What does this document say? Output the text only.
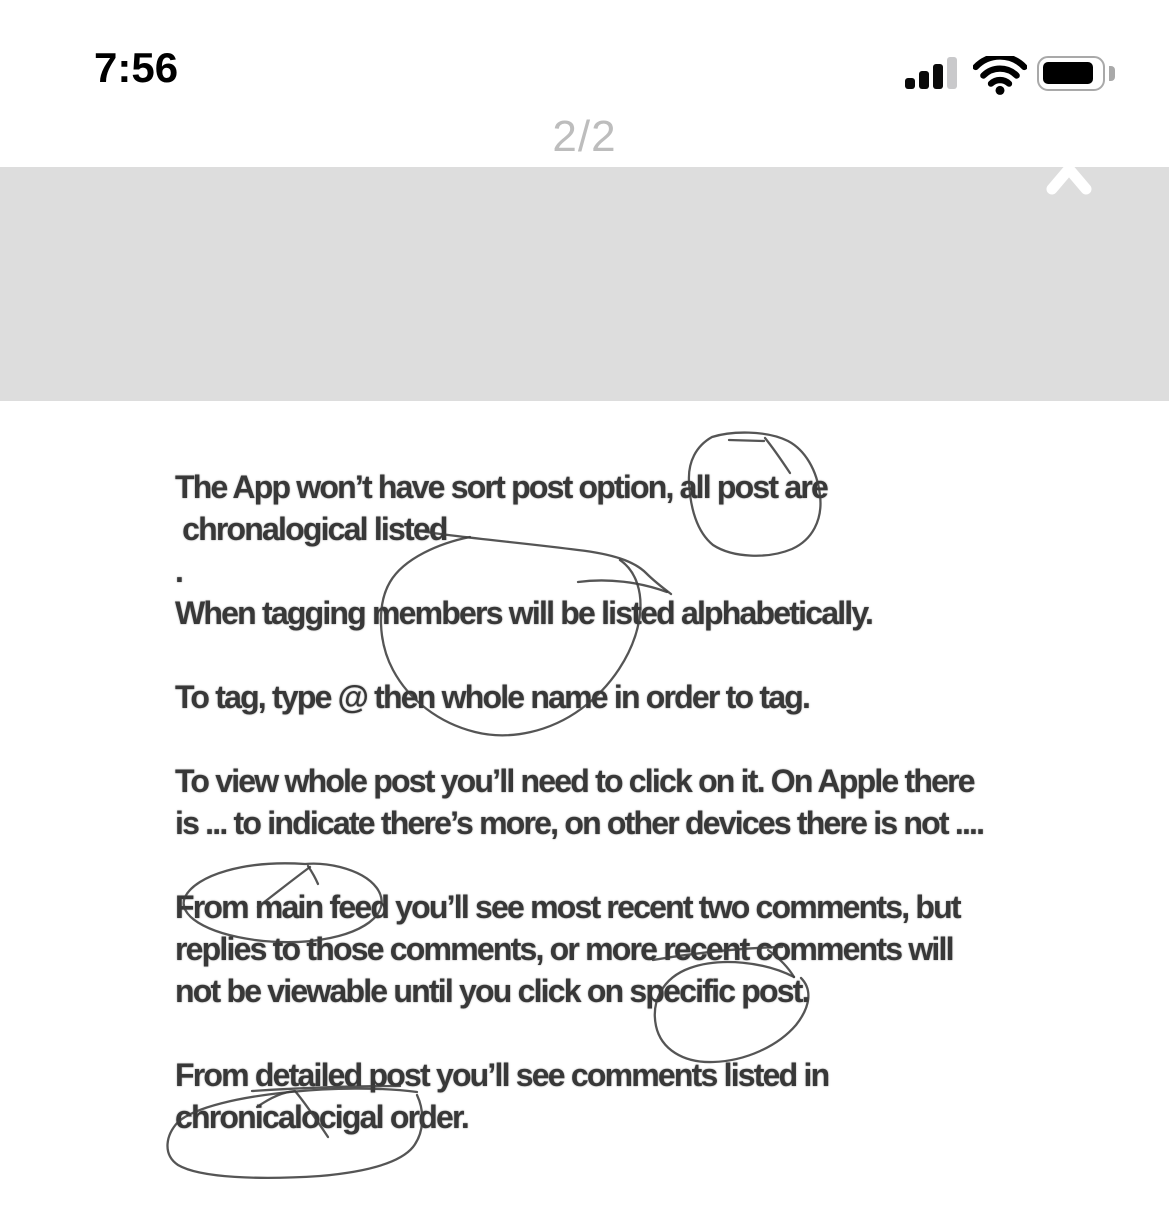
7:56
2/2
The App won’t have sort post option, all post are
chronalogical listed
.
When tagging members will be listed alphabetically.
To tag, type @ then whole name in order to tag.
To view whole post you’ll need to click on it. On Apple there
is ... to indicate there’s more, on other devices there is not ....
From main feed you’ll see most recent two comments, but
replies to those comments, or more recent comments will
not be viewable until you click on specific post.
From detailed post you’ll see comments listed in
chronicalocigal order.
